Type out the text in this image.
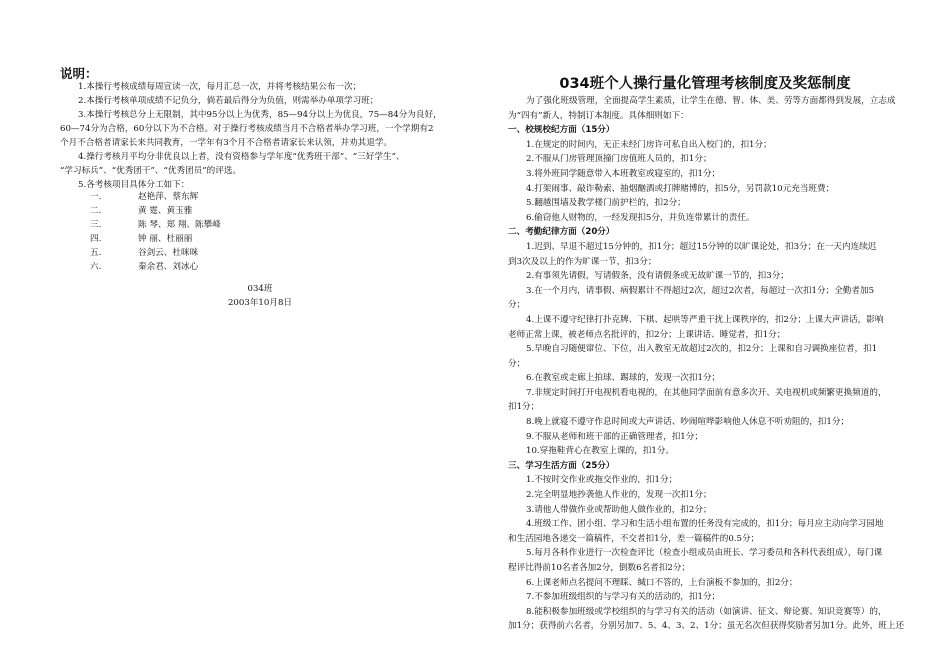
说明：
1.本操行考核成绩每周宣读一次，每月汇总一次，并将考核结果公布一次；
2.本操行考核单项成绩不记负分，倘若最后得分为负值，则需举办单项学习班；
3.本操行考核总分上无限制，其中95分以上为优秀，85—94分以上为优良，75—84分为良好，
60—74分为合格，60分以下为不合格。对于操行考核成绩当月不合格者举办学习班，一个学期有2
个月不合格者请家长来共同教育，一学年有3个月不合格者请家长来认领，并劝其退学。
4.操行考核月平均分非优良以上者，没有资格参与学年度“优秀班干部”、“三好学生”、
“学习标兵”、“优秀团干”、“优秀团员”的评选。
5.各考核项目具体分工如下：
一.	赵艳萍、蔡东辉
二.	黄 霆、黄玉雅
三.	陈 琴、郑 翔、陈攀峰
四.	钟 丽、杜丽丽
五.	谷剑云、杜咪咪
六.	秦余君、刘冰心
034班
2003年10月8日
034班个人操行量化管理考核制度及奖惩制度
为了强化班级管理，全面提高学生素质，让学生在德、智、体、美、劳等方面都得到发展，立志成
为“四有”新人，特制订本制度。具体细则如下：
一、校规校纪方面（15分）
1.在规定的时间内，无正未经门房许可私自出入校门的，扣1分；
2.不服从门房管理顶撞门房值班人员的，扣1分；
3.将外班同学随意带入本班教室或寝室的，扣1分；
4.打架闹事、敲诈勒索、抽烟酗酒或打牌赌博的，扣5分，另罚款10元充当班费；
5.翻越围墙及教学楼门前护栏的，扣2分；
6.偷窃他人财物的，一经发现扣5分，并负连带累计的责任。
二、考勤纪律方面（20分）
1.迟到、早退不超过15分钟的，扣1分；超过15分钟的以旷课论处，扣3分；在一天内连续迟
到3次及以上的作为旷课一节，扣3分；
2.有事须先请假，写请假条，没有请假条或无故旷课一节的，扣3分；
3.在一个月内，请事假、病假累计不得超过2次，超过2次者，每超过一次扣1分；全勤者加5
分；
4.上课不遵守纪律打扑克牌、下棋、起哄等严重干扰上课秩序的，扣2分；上课大声讲话，影响
老师正常上课，被老师点名批评的，扣2分；上课讲话、睡觉者，扣1分；
5.早晚自习随便窜位、下位，出入教室无故超过2次的，扣2分；上课和自习调换座位者，扣1
分；
6.在教室或走廊上拍球、踢球的，发现一次扣1分；
7.非规定时间打开电视机看电视的，在其他同学面前有意多次开、关电视机或频繁更换频道的，
扣1分；
8.晚上就寝不遵守作息时间或大声讲话、吵闹喧哗影响他人休息不听劝阻的，扣1分；
9.不服从老师和班干部的正确管理者，扣1分；
10.穿拖鞋背心在教室上课的，扣1分。
三、学习生活方面（25分）
1.不按时交作业或拖交作业的，扣1分；
2.完全明显地抄袭他人作业的，发现一次扣1分；
3.请他人带做作业或帮助他人做作业的，扣2分；
4.班级工作、团小组、学习和生活小组布置的任务没有完成的，扣1分；每月应主动向学习园地
和生活园地各递交一篇稿件，不交者扣1分，差一篇稿件的0.5分；
5.每月各科作业进行一次检查评比（检查小组成员由班长、学习委员和各科代表组成），每门课
程评比得前10名者各加2分，倒数6名者扣2分；
6.上课老师点名提问不理睬、缄口不答的，上台演板不参加的，扣2分；
7.不参加班级组织的与学习有关的活动的，扣1分；
8.能积极参加班级或学校组织的与学习有关的活动（如演讲、征文、辩论赛、知识竞赛等）的，
加1分；获得前六名者，分别另加7、5、4、3、2、1分；虽无名次但获得奖励者另加1分。此外，班上还
